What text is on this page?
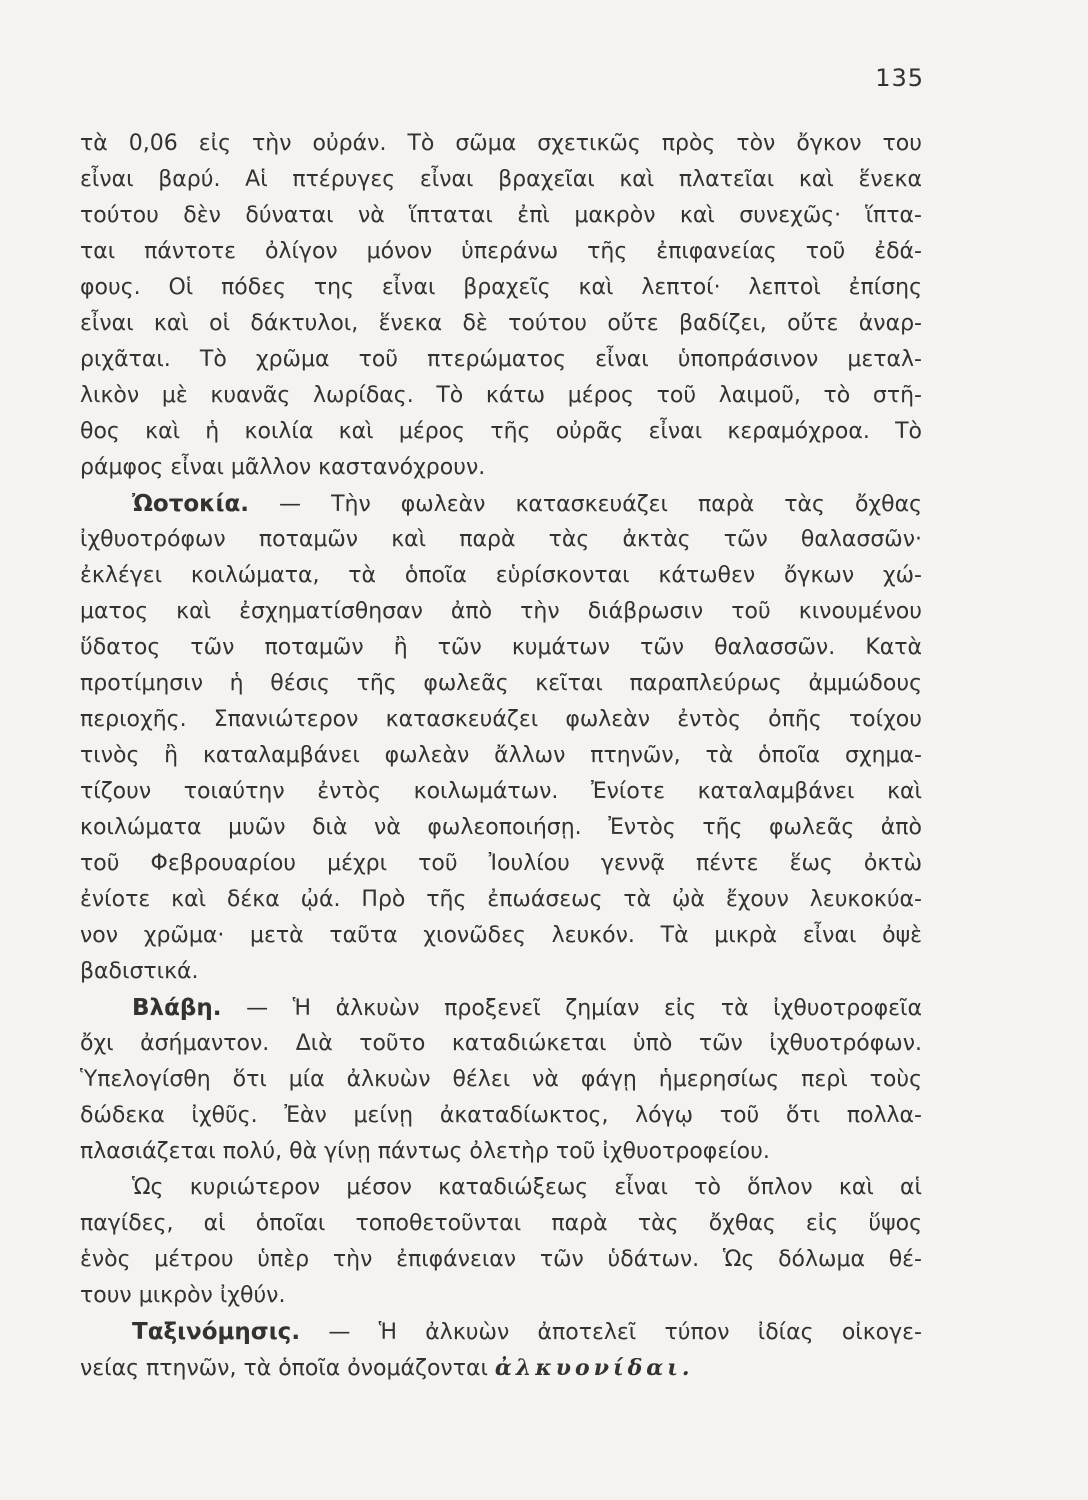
135
τὰ 0,06 εἰς τὴν οὐράν. Τὸ σῶμα σχετικῶς πρὸς τὸν ὄγκον του
εἶναι βαρύ. Αἱ πτέρυγες εἶναι βραχεῖαι καὶ πλατεῖαι καὶ ἕνεκα
τούτου δὲν δύναται νὰ ἵπταται ἐπὶ μακρὸν καὶ συνεχῶς· ἵπτα-
ται πάντοτε ὀλίγον μόνον ὑπεράνω τῆς ἐπιφανείας τοῦ ἐδά-
φους. Οἱ πόδες της εἶναι βραχεῖς καὶ λεπτοί· λεπτοὶ ἐπίσης
εἶναι καὶ οἱ δάκτυλοι, ἕνεκα δὲ τούτου οὔτε βαδίζει, οὔτε ἀναρ-
ριχᾶται. Τὸ χρῶμα τοῦ πτερώματος εἶναι ὑποπράσινον μεταλ-
λικὸν μὲ κυανᾶς λωρίδας. Τὸ κάτω μέρος τοῦ λαιμοῦ, τὸ στῆ-
θος καὶ ἡ κοιλία καὶ μέρος τῆς οὐρᾶς εἶναι κεραμόχροα. Τὸ
ράμφος εἶναι μᾶλλον καστανόχρουν.
Ὠοτοκία. — Τὴν φωλεὰν κατασκευάζει παρὰ τὰς ὄχθας
ἰχθυοτρόφων ποταμῶν καὶ παρὰ τὰς ἀκτὰς τῶν θαλασσῶν·
ἐκλέγει κοιλώματα, τὰ ὁποῖα εὑρίσκονται κάτωθεν ὄγκων χώ-
ματος καὶ ἐσχηματίσθησαν ἀπὸ τὴν διάβρωσιν τοῦ κινουμένου
ὕδατος τῶν ποταμῶν ἢ τῶν κυμάτων τῶν θαλασσῶν. Κατὰ
προτίμησιν ἡ θέσις τῆς φωλεᾶς κεῖται παραπλεύρως ἀμμώδους
περιοχῆς. Σπανιώτερον κατασκευάζει φωλεὰν ἐντὸς ὀπῆς τοίχου
τινὸς ἢ καταλαμβάνει φωλεὰν ἄλλων πτηνῶν, τὰ ὁποῖα σχημα-
τίζουν τοιαύτην ἐντὸς κοιλωμάτων. Ἐνίοτε καταλαμβάνει καὶ
κοιλώματα μυῶν διὰ νὰ φωλεοποιήσῃ. Ἐντὸς τῆς φωλεᾶς ἀπὸ
τοῦ Φεβρουαρίου μέχρι τοῦ Ἰουλίου γεννᾷ πέντε ἕως ὀκτὼ
ἐνίοτε καὶ δέκα ᾠά. Πρὸ τῆς ἐπωάσεως τὰ ᾠὰ ἔχουν λευκοκύα-
νον χρῶμα· μετὰ ταῦτα χιονῶδες λευκόν. Τὰ μικρὰ εἶναι ὀψὲ
βαδιστικά.
Βλάβη. — Ἡ ἀλκυὼν προξενεῖ ζημίαν εἰς τὰ ἰχθυοτροφεῖα
ὄχι ἀσήμαντον. Διὰ τοῦτο καταδιώκεται ὑπὸ τῶν ἰχθυοτρόφων.
Ὑπελογίσθη ὅτι μία ἀλκυὼν θέλει νὰ φάγῃ ἡμερησίως περὶ τοὺς
δώδεκα ἰχθῦς. Ἐὰν μείνῃ ἀκαταδίωκτος, λόγῳ τοῦ ὅτι πολλα-
πλασιάζεται πολύ, θὰ γίνῃ πάντως ὀλετὴρ τοῦ ἰχθυοτροφείου.
Ὡς κυριώτερον μέσον καταδιώξεως εἶναι τὸ ὅπλον καὶ αἱ
παγίδες, αἱ ὁποῖαι τοποθετοῦνται παρὰ τὰς ὄχθας εἰς ὕψος
ἑνὸς μέτρου ὑπὲρ τὴν ἐπιφάνειαν τῶν ὑδάτων. Ὡς δόλωμα θέ-
τουν μικρὸν ἰχθύν.
Ταξινόμησις. — Ἡ ἀλκυὼν ἀποτελεῖ τύπον ἰδίας οἰκογε-
νείας πτηνῶν, τὰ ὁποῖα ὀνομάζονται ἀλκυονίδαι.
